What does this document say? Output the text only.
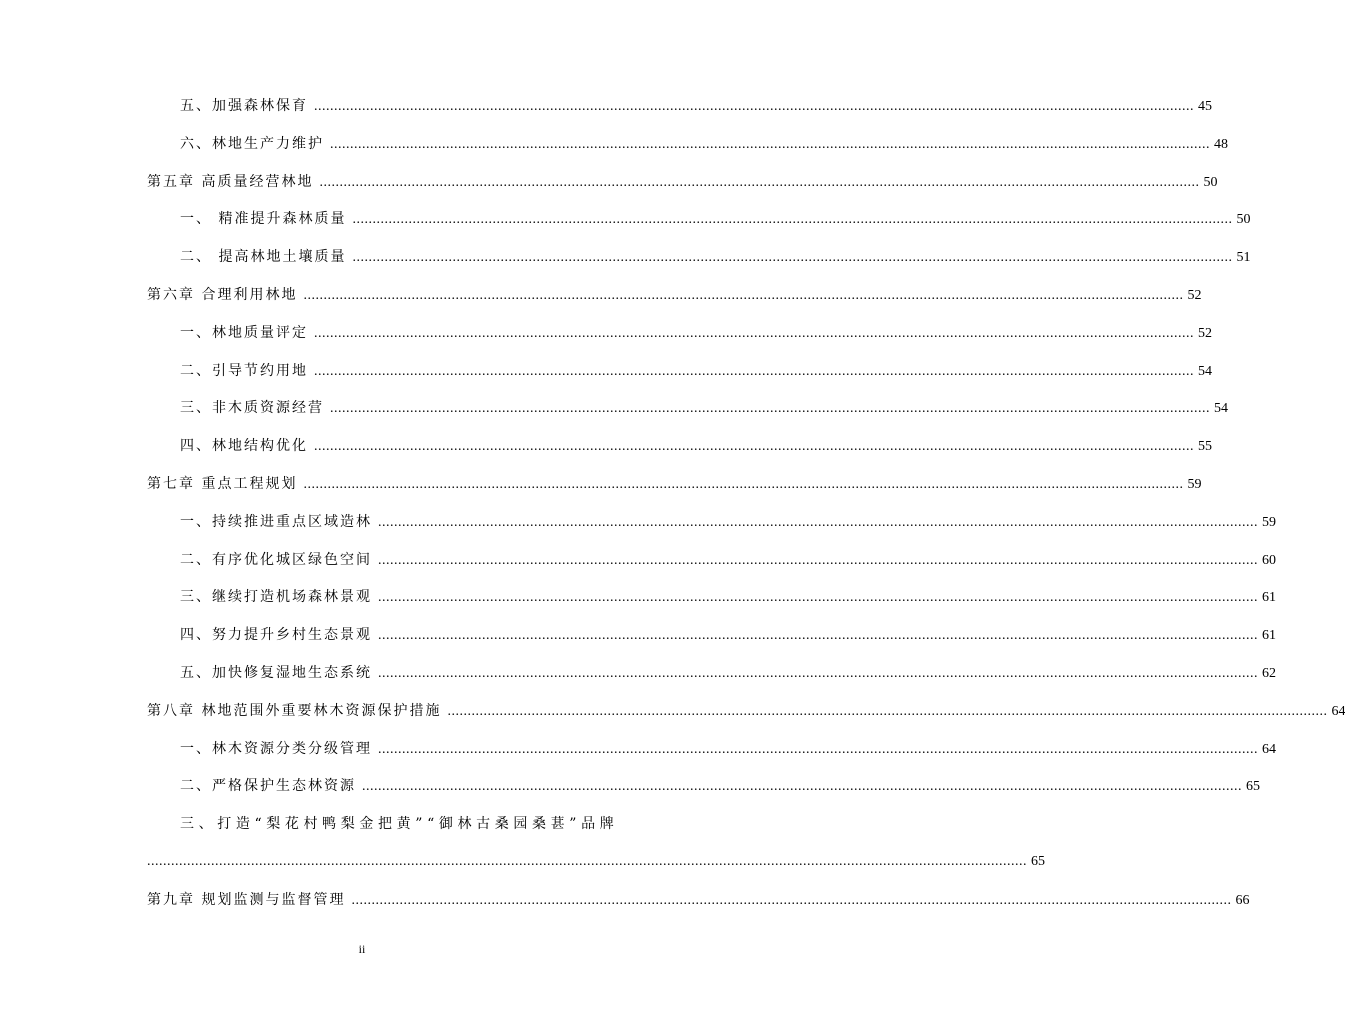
五、加强森林保育 ............................................................................................................................................................................................................................ 45
六、林地生产力维护 ............................................................................................................................................................................................................................ 48
第五章 高质量经营林地 ............................................................................................................................................................................................................................ 50
一、 精准提升森林质量 ............................................................................................................................................................................................................................ 50
二、 提高林地土壤质量 ............................................................................................................................................................................................................................ 51
第六章 合理利用林地 ............................................................................................................................................................................................................................ 52
一、林地质量评定 ............................................................................................................................................................................................................................ 52
二、引导节约用地 ............................................................................................................................................................................................................................ 54
三、非木质资源经营 ............................................................................................................................................................................................................................ 54
四、林地结构优化 ............................................................................................................................................................................................................................ 55
第七章 重点工程规划 ............................................................................................................................................................................................................................ 59
一、持续推进重点区域造林 ............................................................................................................................................................................................................................ 59
二、有序优化城区绿色空间 ............................................................................................................................................................................................................................ 60
三、继续打造机场森林景观 ............................................................................................................................................................................................................................ 61
四、努力提升乡村生态景观 ............................................................................................................................................................................................................................ 61
五、加快修复湿地生态系统 ............................................................................................................................................................................................................................ 62
第八章 林地范围外重要林木资源保护措施 ............................................................................................................................................................................................................................ 64
一、林木资源分类分级管理 ............................................................................................................................................................................................................................ 64
二、严格保护生态林资源 ............................................................................................................................................................................................................................ 65
三 、 打 造 “ 梨 花 村 鸭 梨 金 把 黄 ” “ 御 林 古 桑 园 桑 葚 ” 品 牌
............................................................................................................................................................................................................................ 65
第九章 规划监测与监督管理 ............................................................................................................................................................................................................................ 66
ii
